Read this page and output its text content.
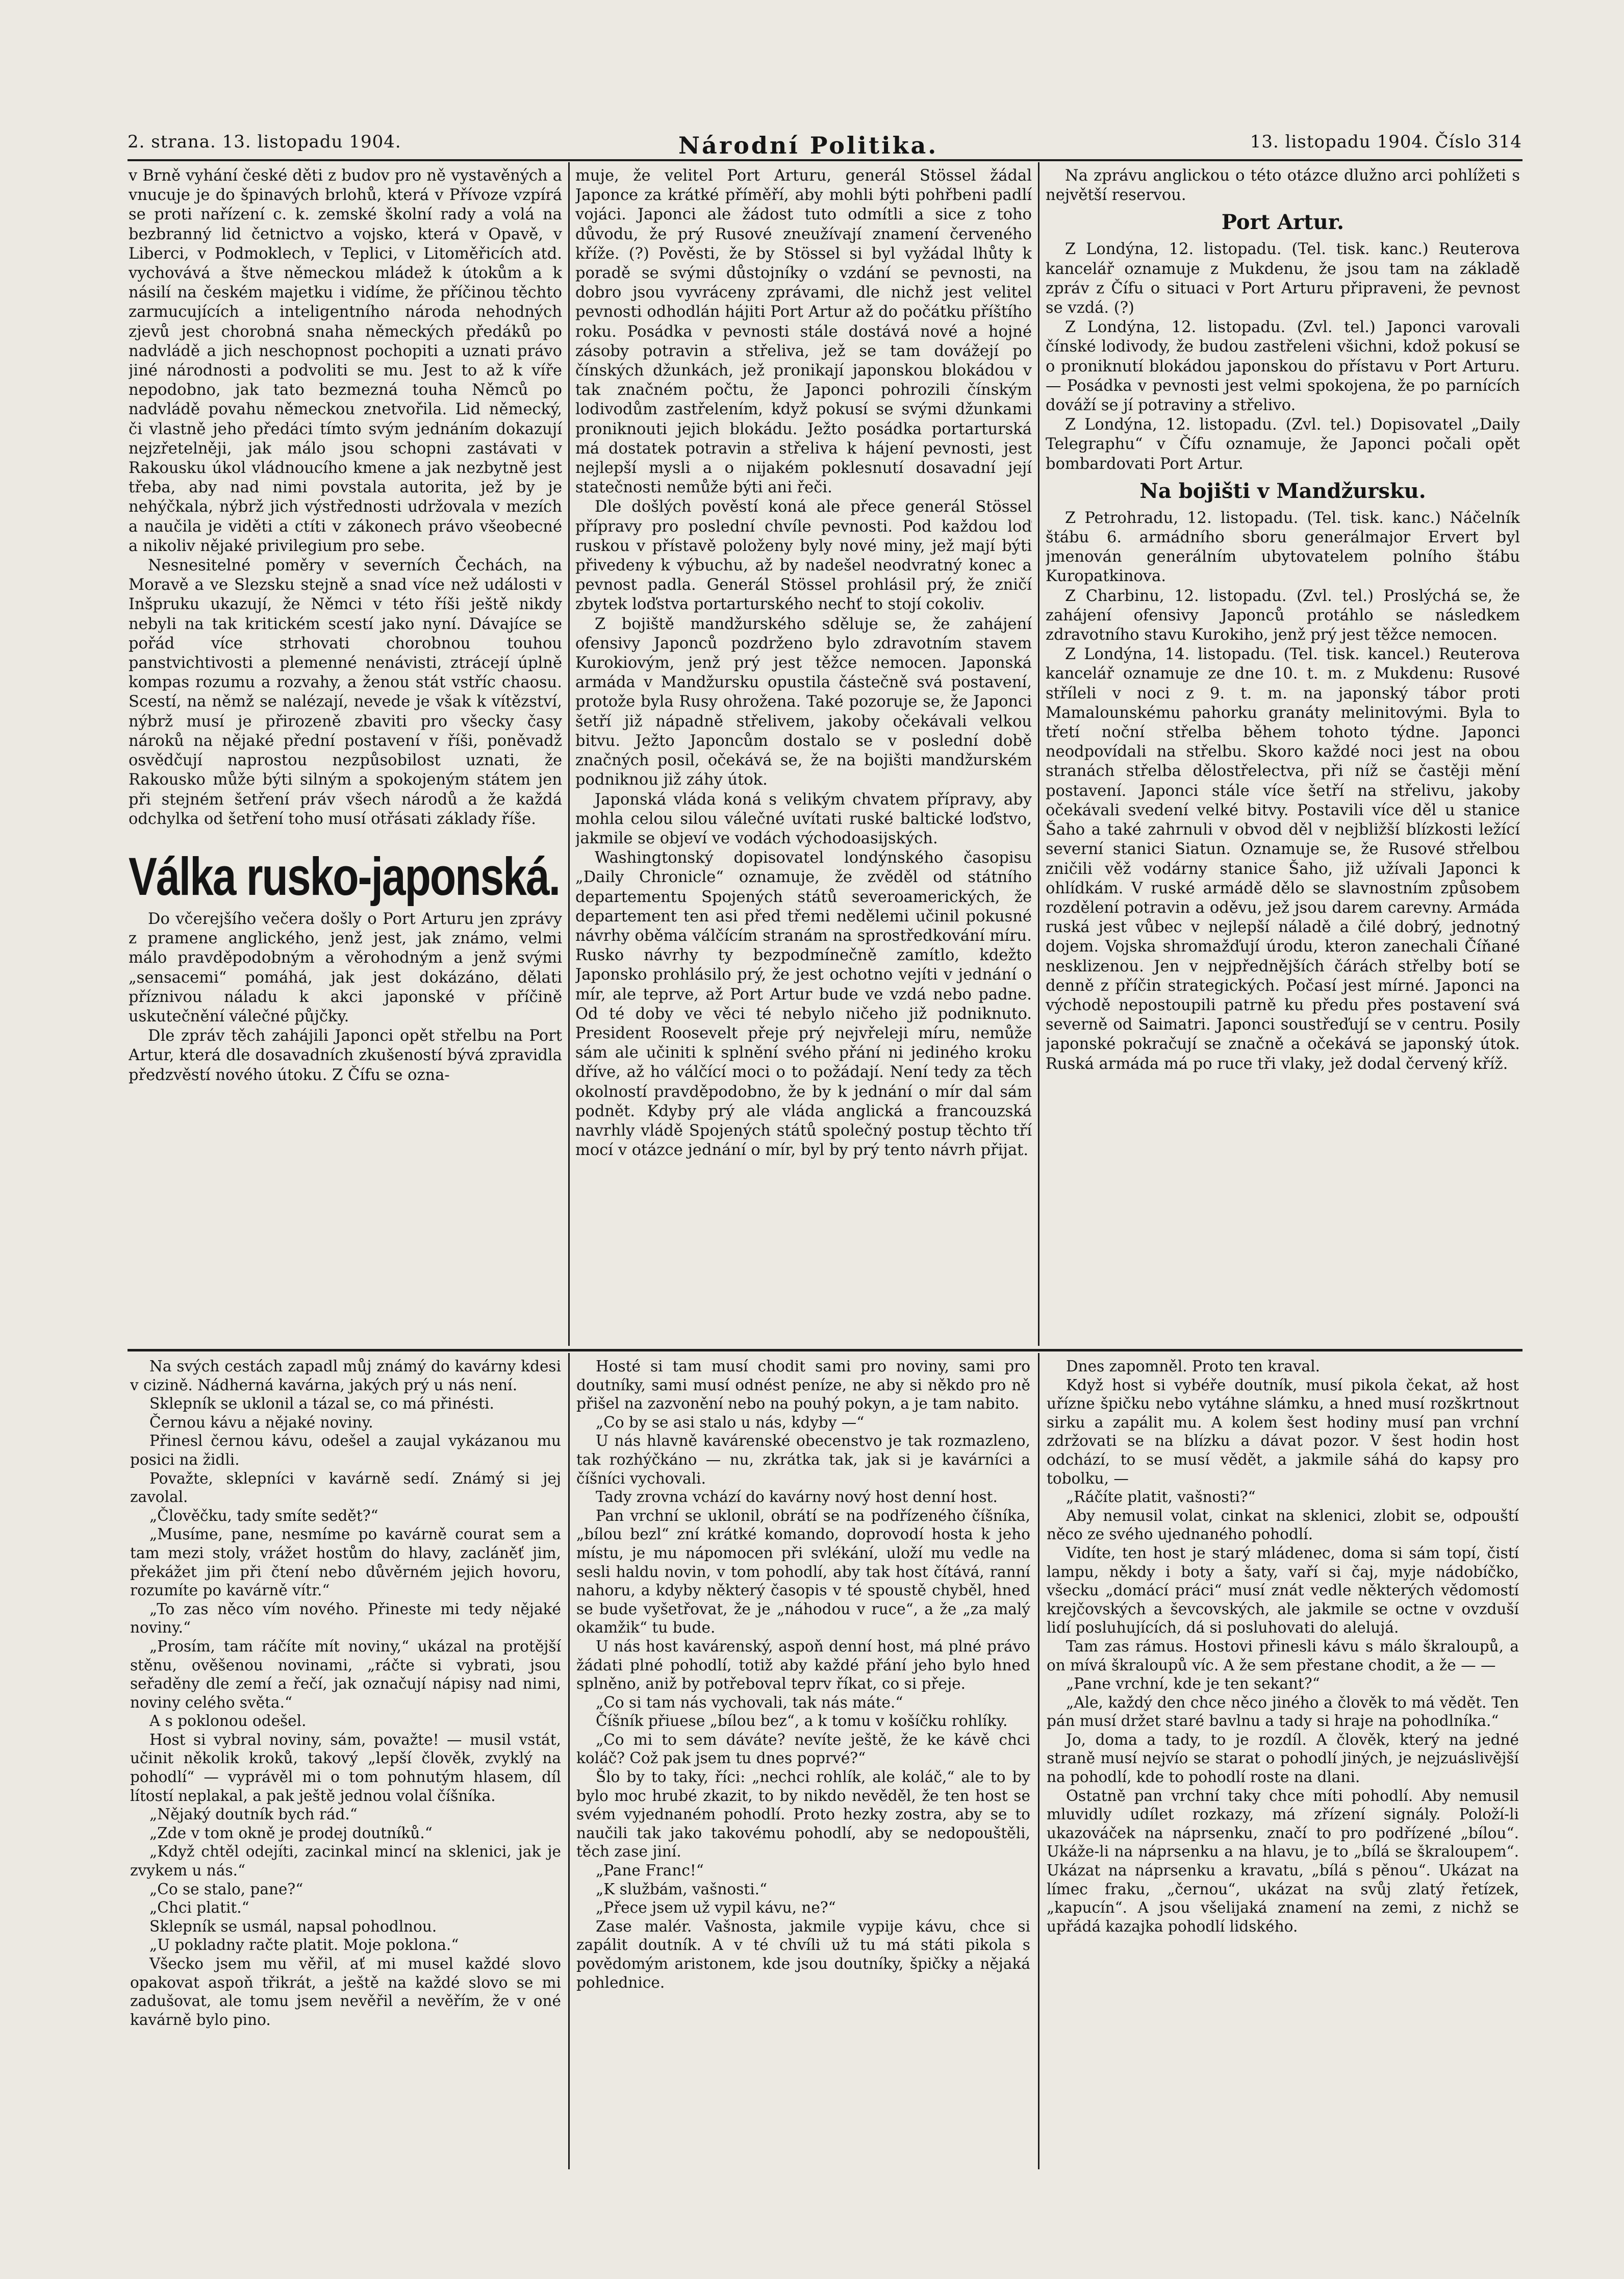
2. strana. 13. listopadu 1904.	Národní Politika.	13. listopadu 1904. Číslo 314

v Brně vyhání české děti z budov pro ně vystavěných a vnucuje je do špinavých brlohů, která v Přívoze vzpírá se proti nařízení c. k. zemské školní rady a volá na bezbranný lid četnictvo a vojsko, která v Opavě, v Liberci, v Podmoklech, v Teplici, v Litoměřicích atd. vychovává a štve německou mládež k útokům a k násilí na českém majetku i vidíme, že příčinou těchto zarmucujících a inteligentního národa nehodných zjevů jest chorobná snaha německých předáků po nadvládě a jich neschopnost pochopiti a uznati právo jiné národnosti a podvoliti se mu. Jest to až k víře nepodobno, jak tato bezmezná touha Němců po nadvládě povahu německou znetvořila. Lid německý, či vlastně jeho předáci tímto svým jednáním dokazují nejzřetelněji, jak málo jsou schopni zastávati v Rakousku úkol vládnoucího kmene a jak nezbytně jest třeba, aby nad nimi povstala autorita, jež by je nehýčkala, nýbrž jich výstřednosti udržovala v mezích a naučila je viděti a ctíti v zákonech právo všeobecné a nikoliv nějaké privilegium pro sebe.

Nesnesitelné poměry v severních Čechách, na Moravě a ve Slezsku stejně a snad více než události v Inšpruku ukazují, že Němci v této říši ještě nikdy nebyli na tak kritickém scestí jako nyní. Dávajíce se pořád více strhovati chorobnou touhou panstvichtivosti a plemenné nenávisti, ztrácejí úplně kompas rozumu a rozvahy, a ženou stát vstříc chaosu. Scestí, na němž se nalézají, nevede je však k vítězství, nýbrž musí je přirozeně zbaviti pro všecky časy nároků na nějaké přední postavení v říši, poněvadž osvědčují naprostou nezpůsobilost uznati, že Rakousko může býti silným a spokojeným státem jen při stejném šetření práv všech národů a že každá odchylka od šetření toho musí otřásati základy říše.

Válka rusko-japonská.

Do včerejšího večera došly o Port Arturu jen zprávy z pramene anglického, jenž jest, jak známo, velmi málo pravděpodobným a věrohodným a jenž svými „sensacemi“ pomáhá, jak jest dokázáno, dělati příznivou náladu k akci japonské v příčině uskutečnění válečné půjčky.

Dle zpráv těch zahájili Japonci opět střelbu na Port Artur, která dle dosavadních zkušeností bývá zpravidla předzvěstí nového útoku. Z Čífu se ozna-

muje, že velitel Port Arturu, generál Stössel žádal Japonce za krátké příměří, aby mohli býti pohřbeni padlí vojáci. Japonci ale žádost tuto odmítli a sice z toho důvodu, že prý Rusové zneužívají znamení červeného kříže. (?) Pověsti, že by Stössel si byl vyžádal lhůty k poradě se svými důstojníky o vzdání se pevnosti, na dobro jsou vyvráceny zprávami, dle nichž jest velitel pevnosti odhodlán hájiti Port Artur až do počátku příštího roku. Posádka v pevnosti stále dostává nové a hojné zásoby potravin a střeliva, jež se tam dovážejí po čínských džunkách, jež pronikají japonskou blokádou v tak značném počtu, že Japonci pohrozili čínským lodivodům zastřelením, když pokusí se svými džunkami proniknouti jejich blokádu. Ježto posádka portarturská má dostatek potravin a střeliva k hájení pevnosti, jest nejlepší mysli a o nijakém poklesnutí dosavadní její statečnosti nemůže býti ani řeči.

Dle došlých pověstí koná ale přece generál Stössel přípravy pro poslední chvíle pevnosti. Pod každou loď ruskou v přístavě položeny byly nové miny, jež mají býti přivedeny k výbuchu, až by nadešel neodvratný konec a pevnost padla. Generál Stössel prohlásil prý, že zničí zbytek loďstva portarturského nechť to stojí cokoliv.

Z bojiště mandžurského sděluje se, že zahájení ofensivy Japonců pozdrženo bylo zdravotním stavem Kurokiovým, jenž prý jest těžce nemocen. Japonská armáda v Mandžursku opustila částečně svá postavení, protože byla Rusy ohrožena. Také pozoruje se, že Japonci šetří již nápadně střelivem, jakoby očekávali velkou bitvu. Ježto Japoncům dostalo se v poslední době značných posil, očekává se, že na bojišti mandžurském podniknou již záhy útok.

Japonská vláda koná s velikým chvatem přípravy, aby mohla celou silou válečné uvítati ruské baltické loďstvo, jakmile se objeví ve vodách východoasijských.

Washingtonský dopisovatel londýnského časopisu „Daily Chronicle“ oznamuje, že zvěděl od státního departementu Spojených států severoamerických, že departement ten asi před třemi nedělemi učinil pokusné návrhy oběma válčícím stranám na sprostředkování míru. Rusko návrhy ty bezpodmínečně zamítlo, kdežto Japonsko prohlásilo prý, že jest ochotno vejíti v jednání o mír, ale teprve, až Port Artur bude ve vzdá nebo padne. Od té doby ve věci té nebylo ničeho již podniknuto. President Roosevelt přeje prý nejvřeleji míru, nemůže sám ale učiniti k splnění svého přání ni jediného kroku dříve, až ho válčící moci o to požádají. Není tedy za těch okolností pravděpodobno, že by k jednání o mír dal sám podnět. Kdyby prý ale vláda anglická a francouzská navrhly vládě Spojených států společný postup těchto tří mocí v otázce jednání o mír, byl by prý tento návrh přijat.

Na zprávu anglickou o této otázce dlužno arci pohlížeti s největší reservou.

Port Artur.

Z Londýna, 12. listopadu. (Tel. tisk. kanc.) Reuterova kancelář oznamuje z Mukdenu, že jsou tam na základě zpráv z Čífu o situaci v Port Arturu připraveni, že pevnost se vzdá. (?)

Z Londýna, 12. listopadu. (Zvl. tel.) Japonci varovali čínské lodivody, že budou zastřeleni všichni, kdož pokusí se o proniknutí blokádou japonskou do přístavu v Port Arturu. — Posádka v pevnosti jest velmi spokojena, že po parnících dováží se jí potraviny a střelivo.

Z Londýna, 12. listopadu. (Zvl. tel.) Dopisovatel „Daily Telegraphu“ v Čífu oznamuje, že Japonci počali opět bombardovati Port Artur.

Na bojišti v Mandžursku.

Z Petrohradu, 12. listopadu. (Tel. tisk. kanc.) Náčelník štábu 6. armádního sboru generálmajor Ervert byl jmenován generálním ubytovatelem polního štábu Kuropatkinova.

Z Charbinu, 12. listopadu. (Zvl. tel.) Proslýchá se, že zahájení ofensivy Japonců protáhlo se následkem zdravotního stavu Kurokiho, jenž prý jest těžce nemocen.

Z Londýna, 14. listopadu. (Tel. tisk. kancel.) Reuterova kancelář oznamuje ze dne 10. t. m. z Mukdenu: Rusové stříleli v noci z 9. t. m. na japonský tábor proti Mamalounskému pahorku granáty melinitovými. Byla to třetí noční střelba během tohoto týdne. Japonci neodpovídali na střelbu. Skoro každé noci jest na obou stranách střelba dělostřelectva, při níž se častěji mění postavení. Japonci stále více šetří na střelivu, jakoby očekávali svedení velké bitvy. Postavili více děl u stanice Šaho a také zahrnuli v obvod děl v nejbližší blízkosti ležící severní stanici Siatun. Oznamuje se, že Rusové střelbou zničili věž vodárny stanice Šaho, již užívali Japonci k ohlídkám. V ruské armádě dělo se slavnostním způsobem rozdělení potravin a oděvu, jež jsou darem carevny. Armáda ruská jest vůbec v nejlepší náladě a čilé dobrý, jednotný dojem. Vojska shromažďují úrodu, kteron zanechali Číňané nesklizenou. Jen v nejpřednějších čárách střelby botí se denně z příčin strategických. Počasí jest mírné. Japonci na východě nepostoupili patrně ku předu přes postavení svá severně od Saimatri. Japonci soustřeďují se v centru. Posily japonské pokračují se značně a očekává se japonský útok. Ruská armáda má po ruce tři vlaky, jež dodal červený kříž.

Na svých cestách zapadl můj známý do kavárny kdesi v cizině. Nádherná kavárna, jakých prý u nás není.

Sklepník se uklonil a tázal se, co má přinésti.

Černou kávu a nějaké noviny.

Přinesl černou kávu, odešel a zaujal vykázanou mu posici na židli.

Považte, sklepníci v kavárně sedí. Známý si jej zavolal.

„Člověčku, tady smíte sedět?“

„Musíme, pane, nesmíme po kavárně courat sem a tam mezi stoly, vrážet hostům do hlavy, zacláněť jim, překážet jim při čtení nebo důvěrném jejich hovoru, rozumíte po kavárně vítr.“

„To zas něco vím nového. Přineste mi tedy nějaké noviny.“

„Prosím, tam ráčíte mít noviny,“ ukázal na protější stěnu, ověšenou novinami, „ráčte si vybrati, jsou seřaděny dle zemí a řečí, jak označují nápisy nad nimi, noviny celého světa.“

A s poklonou odešel.

Host si vybral noviny, sám, považte! — musil vstát, učinit několik kroků, takový „lepší člověk, zvyklý na pohodlí“ — vyprávěl mi o tom pohnutým hlasem, díl lítostí neplakal, a pak ještě jednou volal číšníka.

„Nějaký doutník bych rád.“

„Zde v tom okně je prodej doutníků.“

„Když chtěl odejíti, zacinkal mincí na sklenici, jak je zvykem u nás.“

„Co se stalo, pane?“

„Chci platit.“

Sklepník se usmál, napsal pohodlnou.

„U pokladny račte platit. Moje poklona.“

Všecko jsem mu věřil, ať mi musel každé slovo opakovat aspoň třikrát, a ještě na každé slovo se mi zadušovat, ale tomu jsem nevěřil a nevěřím, že v oné kavárně bylo pino.

Hosté si tam musí chodit sami pro noviny, sami pro doutníky, sami musí odnést peníze, ne aby si někdo pro ně přišel na zazvonění nebo na pouhý pokyn, a je tam nabito.

„Co by se asi stalo u nás, kdyby —“

U nás hlavně kavárenské obecenstvo je tak rozmazleno, tak rozhýčkáno — nu, zkrátka tak, jak si je kavárníci a číšníci vychovali.

Tady zrovna vchází do kavárny nový host denní host.

Pan vrchní se uklonil, obrátí se na podřízeného číšníka, „bílou bezl“ zní krátké komando, doprovodí hosta k jeho místu, je mu nápomocen při svlékání, uloží mu vedle na sesli haldu novin, v tom pohodlí, aby tak host čítává, ranní nahoru, a kdyby některý časopis v té spoustě chyběl, hned se bude vyšetřovat, že je „náhodou v ruce“, a že „za malý okamžik“ tu bude.

U nás host kavárenský, aspoň denní host, má plné právo žádati plné pohodlí, totiž aby každé přání jeho bylo hned splněno, aniž by potřeboval teprv říkat, co si přeje.

„Co si tam nás vychovali, tak nás máte.“

Číšník přiuese „bílou bez“, a k tomu v košíčku rohlíky.

„Co mi to sem dáváte? nevíte ještě, že ke kávě chci koláč? Což pak jsem tu dnes poprvé?“

Šlo by to taky, říci: „nechci rohlík, ale koláč,“ ale to by bylo moc hrubé zkazit, to by nikdo nevěděl, že ten host se svém vyjednaném pohodlí. Proto hezky zostra, aby se to naučili tak jako takovému pohodlí, aby se nedopouštěli, těch zase jiní.

„Pane Franc!“

„K službám, vašnosti.“

„Přece jsem už vypil kávu, ne?“

Zase malér. Vašnosta, jakmile vypije kávu, chce si zapálit doutník. A v té chvíli už tu má státi pikola s povědomým aristonem, kde jsou doutníky, špičky a nějaká pohlednice.

Dnes zapomněl. Proto ten kraval.

Když host si vybéře doutník, musí pikola čekat, až host uřízne špičku nebo vytáhne slámku, a hned musí rozškrtnout sirku a zapálit mu. A kolem šest hodiny musí pan vrchní zdržovati se na blízku a dávat pozor. V šest hodin host odchází, to se musí vědět, a jakmile sáhá do kapsy pro tobolku, —

„Ráčíte platit, vašnosti?“

Aby nemusil volat, cinkat na sklenici, zlobit se, odpouští něco ze svého ujednaného pohodlí.

Vidíte, ten host je starý mládenec, doma si sám topí, čistí lampu, někdy i boty a šaty, vaří si čaj, myje nádobíčko, všecku „domácí práci“ musí znát vedle některých vědomostí krejčovských a ševcovských, ale jakmile se octne v ovzduší lidí posluhujících, dá si posluhovati do alelujá.

Tam zas rámus. Hostovi přinesli kávu s málo škraloupů, a on mívá škraloupů víc. A že sem přestane chodit, a že — —

„Pane vrchní, kde je ten sekant?“

„Ale, každý den chce něco jiného a člověk to má vědět. Ten pán musí držet staré bavlnu a tady si hraje na pohodlníka.“

Jo, doma a tady, to je rozdíl. A člověk, který na jedné straně musí nejvío se starat o pohodlí jiných, je nejzuáslivější na pohodlí, kde to pohodlí roste na dlani.

Ostatně pan vrchní taky chce míti pohodlí. Aby nemusil mluvidly udílet rozkazy, má zřízení signály. Položí-li ukazováček na náprsenku, značí to pro podřízené „bílou“. Ukáže-li na náprsenku a na hlavu, je to „bílá se škraloupem“. Ukázat na náprsenku a kravatu, „bílá s pěnou“. Ukázat na límec fraku, „černou“, ukázat na svůj zlatý řetízek, „kapucín“. A jsou všelijaká znamení na zemi, z nichž se upřádá kazajka pohodlí lidského.
